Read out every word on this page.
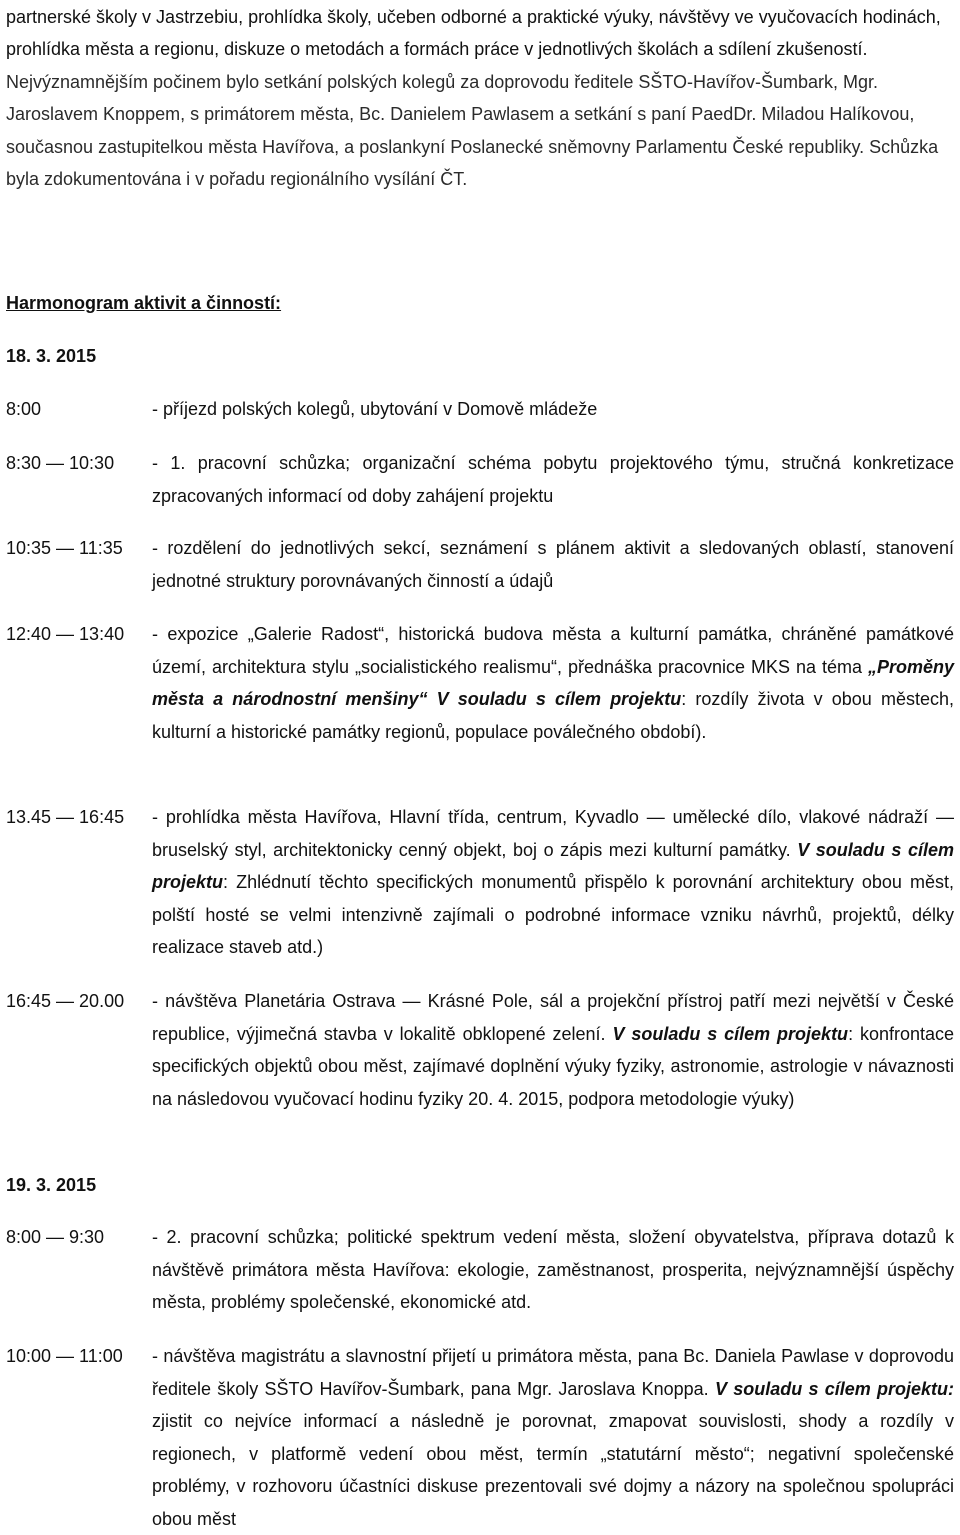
partnerské školy v Jastrzebiu, prohlídka školy, učeben odborné a praktické výuky, návštěvy ve vyučovacích hodinách, prohlídka města a regionu, diskuze o metodách a formách práce v jednotlivých školách a sdílení zkušeností. Nejvýznamnějším počinem bylo setkání polských kolegů za doprovodu ředitele SŠTO-Havířov-Šumbark, Mgr. Jaroslavem Knoppem, s primátorem města, Bc. Danielem Pawlasem a setkání s paní PaedDr. Miladou Halíkovou, současnou zastupitelkou města Havířova, a poslankyní Poslanecké sněmovny Parlamentu České republiky. Schůzka byla zdokumentována i v pořadu regionálního vysílání ČT.

Harmonogram aktivit a činností:
18. 3. 2015
8:00	- příjezd polských kolegů, ubytování v Domově mládeže
8:30 — 10:30	- 1. pracovní schůzka; organizační schéma pobytu projektového týmu, stručná konkretizace zpracovaných informací od doby zahájení projektu
10:35 — 11:35	- rozdělení do jednotlivých sekcí, seznámení s plánem aktivit a sledovaných oblastí, stanovení jednotné struktury porovnávaných činností a údajů
12:40 — 13:40	- expozice „Galerie Radost“, historická budova města a kulturní památka, chráněné památkové území, architektura stylu „socialistického realismu“, přednáška pracovnice MKS na téma „Proměny města a národnostní menšiny“ V souladu s cílem projektu: rozdíly života v obou městech, kulturní a historické památky regionů, populace poválečného období).
13.45 — 16:45	- prohlídka města Havířova, Hlavní třída, centrum, Kyvadlo — umělecké dílo, vlakové nádraží — bruselský styl, architektonicky cenný objekt, boj o zápis mezi kulturní památky. V souladu s cílem projektu: Zhlédnutí těchto specifických monumentů přispělo k porovnání architektury obou měst, polští hosté se velmi intenzivně zajímali o podrobné informace vzniku návrhů, projektů, délky realizace staveb atd.)
16:45 — 20.00	- návštěva Planetária Ostrava — Krásné Pole, sál a projekční přístroj patří mezi největší v České republice, výjimečná stavba v lokalitě obklopené zelení. V souladu s cílem projektu: konfrontace specifických objektů obou měst, zajímavé doplnění výuky fyziky, astronomie, astrologie v návaznosti na následovou vyučovací hodinu fyziky 20. 4. 2015, podpora metodologie výuky)
19. 3. 2015
8:00 — 9:30	- 2. pracovní schůzka; politické spektrum vedení města, složení obyvatelstva, příprava dotazů k návštěvě primátora města Havířova: ekologie, zaměstnanost, prosperita, nejvýznamnější úspěchy města, problémy společenské, ekonomické atd.
10:00 — 11:00	- návštěva magistrátu a slavnostní přijetí u primátora města, pana Bc. Daniela Pawlase v doprovodu ředitele školy SŠTO Havířov-Šumbark, pana Mgr. Jaroslava Knoppa. V souladu s cílem projektu: zjistit co nejvíce informací a následně je porovnat, zmapovat souvislosti, shody a rozdíly v regionech, v platformě vedení obou měst, termín „statutární město“; negativní společenské problémy, v rozhovoru účastníci diskuse prezentovali své dojmy a názory na společnou spolupráci obou měst
